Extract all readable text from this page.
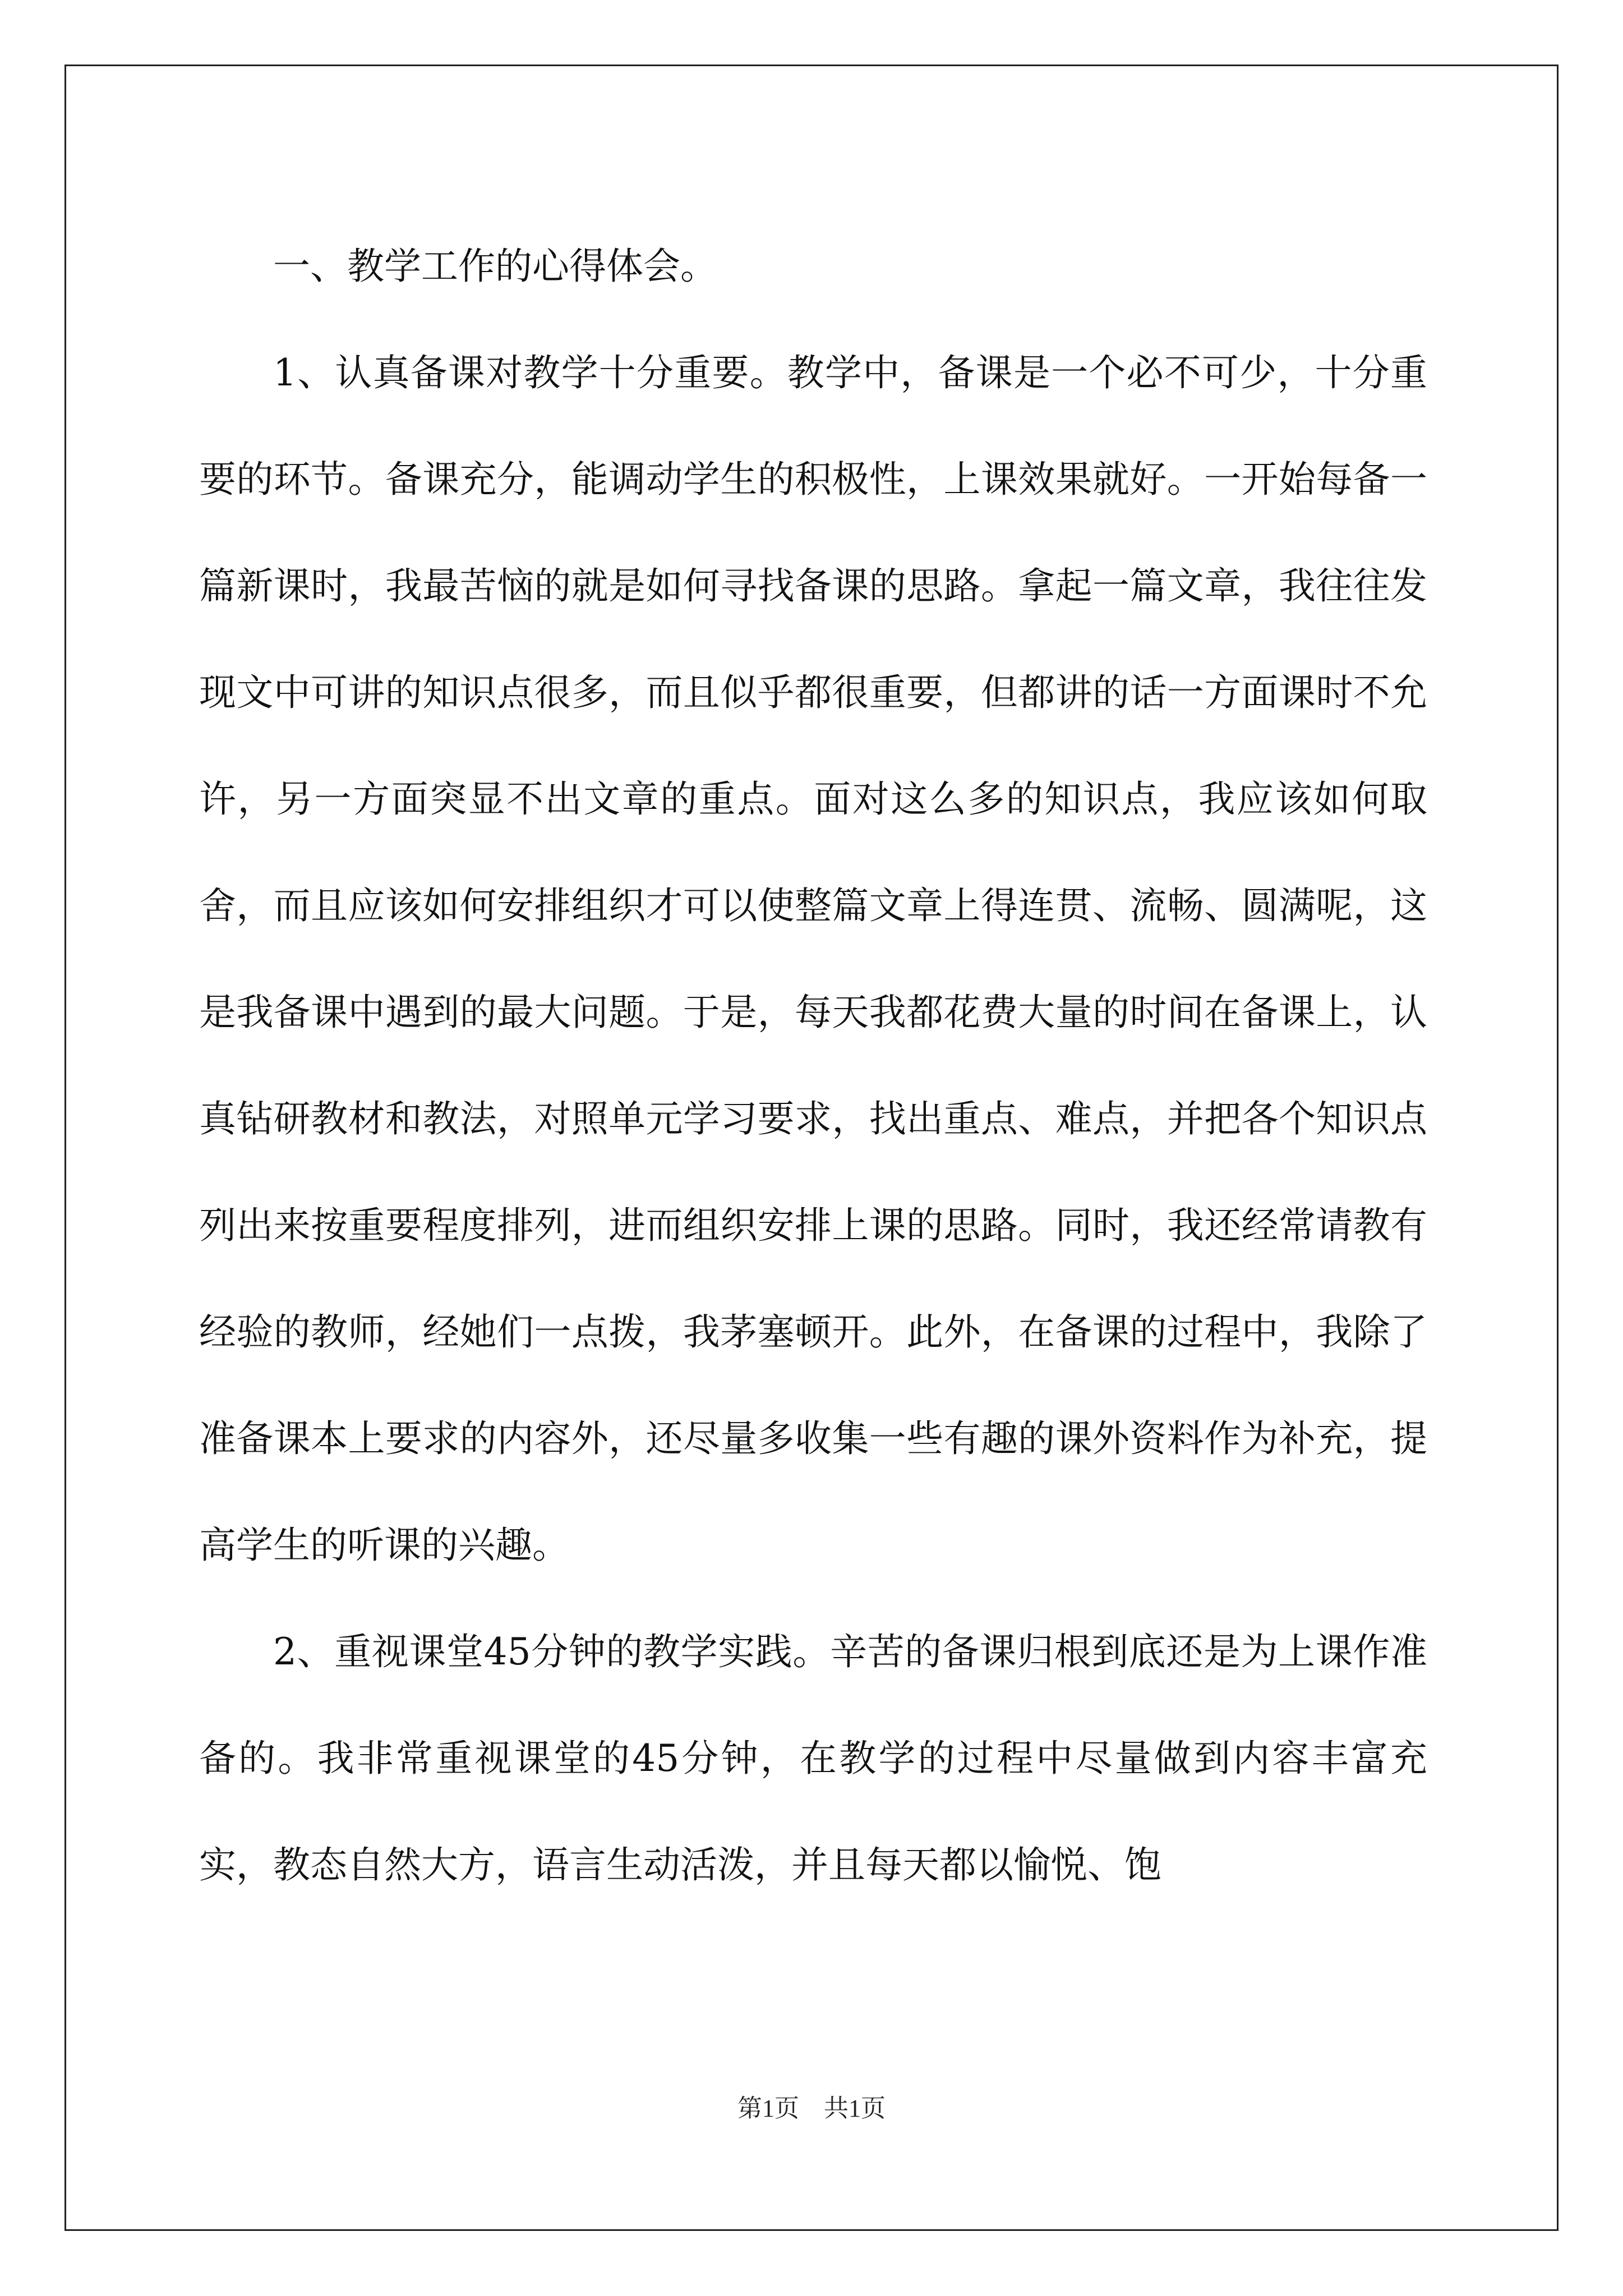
一、教学工作的心得体会。

1、认真备课对教学十分重要。教学中，备课是一个必不可少，十分重要的环节。备课充分，能调动学生的积极性，上课效果就好。一开始每备一篇新课时，我最苦恼的就是如何寻找备课的思路。拿起一篇文章，我往往发现文中可讲的知识点很多，而且似乎都很重要，但都讲的话一方面课时不允许，另一方面突显不出文章的重点。面对这么多的知识点，我应该如何取舍，而且应该如何安排组织才可以使整篇文章上得连贯、流畅、圆满呢，这是我备课中遇到的最大问题。于是，每天我都花费大量的时间在备课上，认真钻研教材和教法，对照单元学习要求，找出重点、难点，并把各个知识点列出来按重要程度排列，进而组织安排上课的思路。同时，我还经常请教有经验的教师，经她们一点拨，我茅塞顿开。此外，在备课的过程中，我除了准备课本上要求的内容外，还尽量多收集一些有趣的课外资料作为补充，提高学生的听课的兴趣。

2、重视课堂45分钟的教学实践。辛苦的备课归根到底还是为上课作准备的。我非常重视课堂的45分钟，在教学的过程中尽量做到内容丰富充实，教态自然大方，语言生动活泼，并且每天都以愉悦、饱

第1页　共1页
